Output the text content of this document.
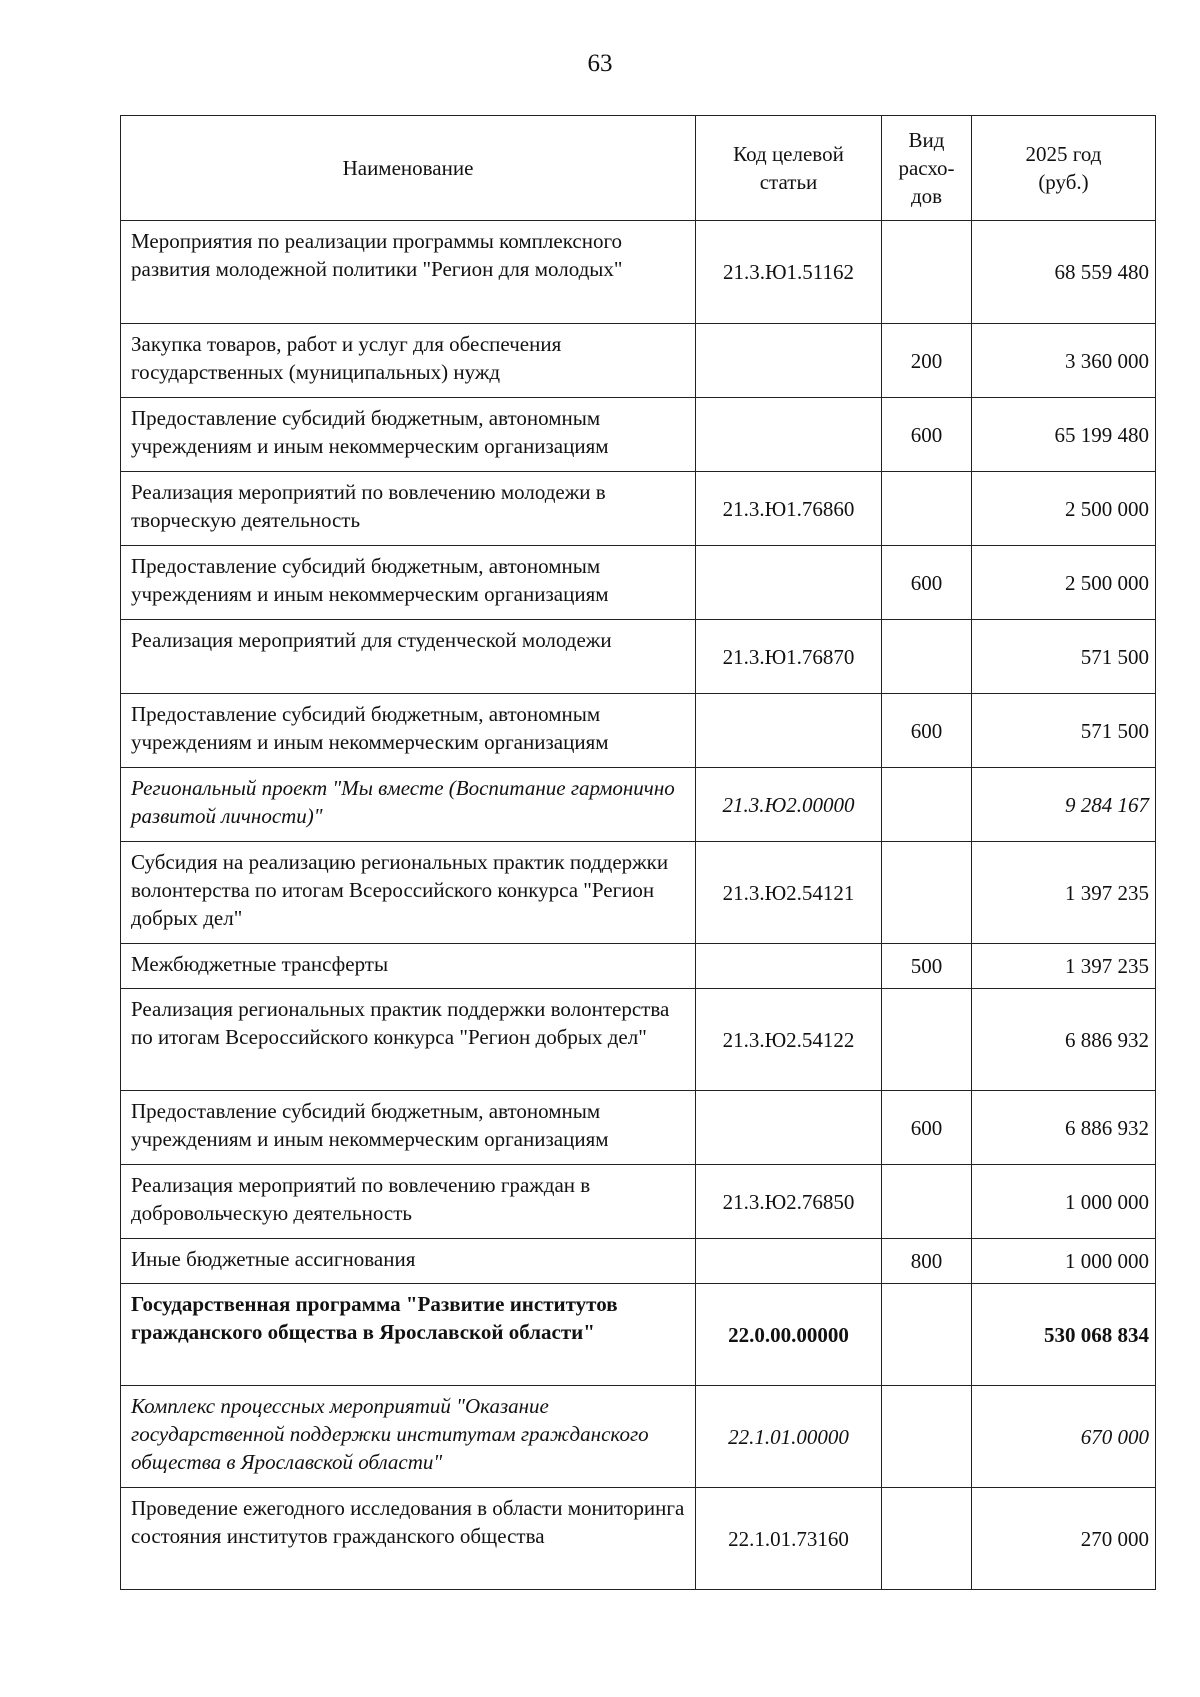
63
Наименование	Код целевой статьи	Вид расхо-дов	2025 год (руб.)
Мероприятия по реализации программы комплексного развития молодежной политики "Регион для молодых"	21.3.Ю1.51162		68 559 480
Закупка товаров, работ и услуг для обеспечения государственных (муниципальных) нужд		200	3 360 000
Предоставление субсидий бюджетным, автономным учреждениям и иным некоммерческим организациям		600	65 199 480
Реализация мероприятий по вовлечению молодежи в творческую деятельность	21.3.Ю1.76860		2 500 000
Предоставление субсидий бюджетным, автономным учреждениям и иным некоммерческим организациям		600	2 500 000
Реализация мероприятий для студенческой молодежи	21.3.Ю1.76870		571 500
Предоставление субсидий бюджетным, автономным учреждениям и иным некоммерческим организациям		600	571 500
Региональный проект "Мы вместе (Воспитание гармонично развитой личности)"	21.3.Ю2.00000		9 284 167
Субсидия на реализацию региональных практик поддержки волонтерства по итогам Всероссийского конкурса "Регион добрых дел"	21.3.Ю2.54121		1 397 235
Межбюджетные трансферты		500	1 397 235
Реализация региональных практик поддержки волонтерства по итогам Всероссийского конкурса "Регион добрых дел"	21.3.Ю2.54122		6 886 932
Предоставление субсидий бюджетным, автономным учреждениям и иным некоммерческим организациям		600	6 886 932
Реализация мероприятий по вовлечению граждан в добровольческую деятельность	21.3.Ю2.76850		1 000 000
Иные бюджетные ассигнования		800	1 000 000
Государственная программа "Развитие институтов гражданского общества в Ярославской области"	22.0.00.00000		530 068 834
Комплекс процессных мероприятий "Оказание государственной поддержки институтам гражданского общества в Ярославской области"	22.1.01.00000		670 000
Проведение ежегодного исследования в области мониторинга состояния институтов гражданского общества	22.1.01.73160		270 000
